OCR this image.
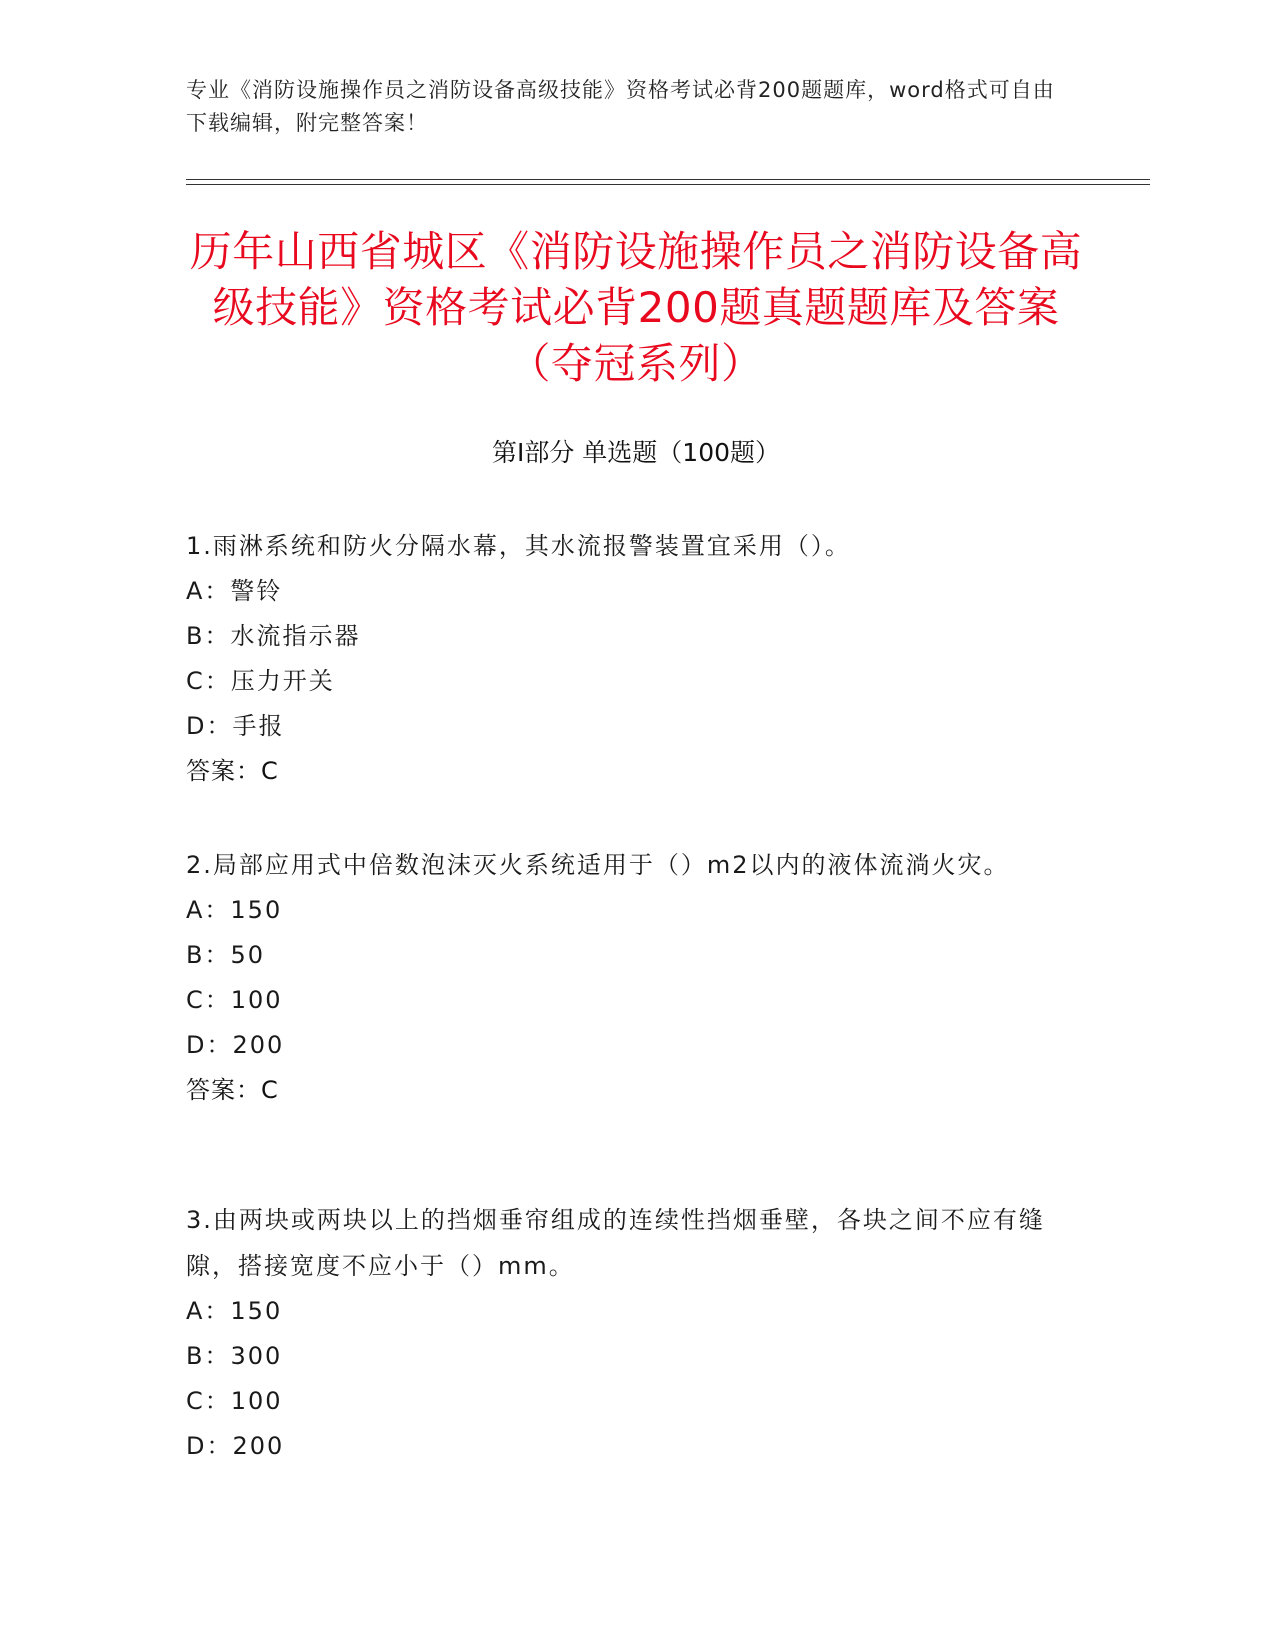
专业《消防设施操作员之消防设备高级技能》资格考试必背200题题库，word格式可自由下载编辑，附完整答案！
历年山西省城区《消防设施操作员之消防设备高级技能》资格考试必背200题真题题库及答案（夺冠系列）
第Ⅰ部分 单选题（100题）
1.雨淋系统和防火分隔水幕，其水流报警装置宜采用（）。
A：警铃
B：水流指示器
C：压力开关
D：手报
答案：C
2.局部应用式中倍数泡沫灭火系统适用于（）m2以内的液体流淌火灾。
A：150
B：50
C：100
D：200
答案：C
3.由两块或两块以上的挡烟垂帘组成的连续性挡烟垂壁，各块之间不应有缝隙，搭接宽度不应小于（）mm。
A：150
B：300
C：100
D：200
